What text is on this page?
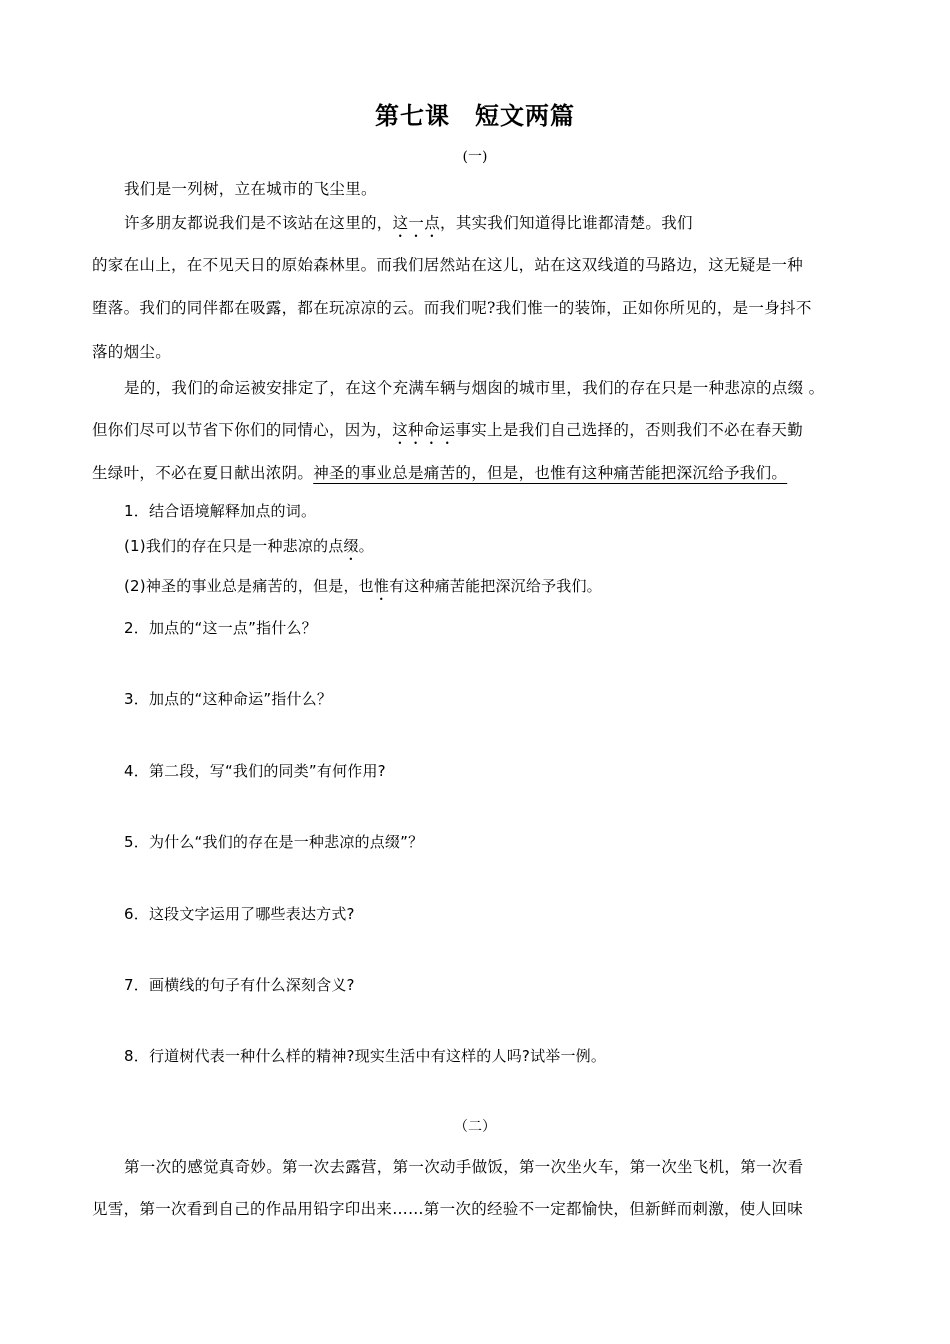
第七课　短文两篇
(一)
我们是一列树，立在城市的飞尘里。
许多朋友都说我们是不该站在这里的，这一点，其实我们知道得比谁都清楚。我们
的家在山上，在不见天日的原始森林里。而我们居然站在这儿，站在这双线道的马路边，这无疑是一种
堕落。我们的同伴都在吸露，都在玩凉凉的云。而我们呢?我们惟一的装饰，正如你所见的，是一身抖不
落的烟尘。
是的，我们的命运被安排定了，在这个充满车辆与烟囱的城市里，我们的存在只是一种悲凉的点缀 。
但你们尽可以节省下你们的同情心，因为，这种命运事实上是我们自己选择的，否则我们不必在春天勤
生绿叶，不必在夏日献出浓阴。神圣的事业总是痛苦的，但是，也惟有这种痛苦能把深沉给予我们。
1．结合语境解释加点的词。
(1)我们的存在只是一种悲凉的点缀。
(2)神圣的事业总是痛苦的，但是，也惟有这种痛苦能把深沉给予我们。
2．加点的“这一点”指什么？
3．加点的“这种命运”指什么？
4．第二段，写“我们的同类”有何作用?
5．为什么“我们的存在是一种悲凉的点缀”？
6．这段文字运用了哪些表达方式?
7．画横线的句子有什么深刻含义?
8．行道树代表一种什么样的精神?现实生活中有这样的人吗?试举一例。
（二）
第一次的感觉真奇妙。第一次去露营，第一次动手做饭，第一次坐火车，第一次坐飞机，第一次看
见雪，第一次看到自己的作品用铅字印出来……第一次的经验不一定都愉快，但新鲜而刺激，使人回味
